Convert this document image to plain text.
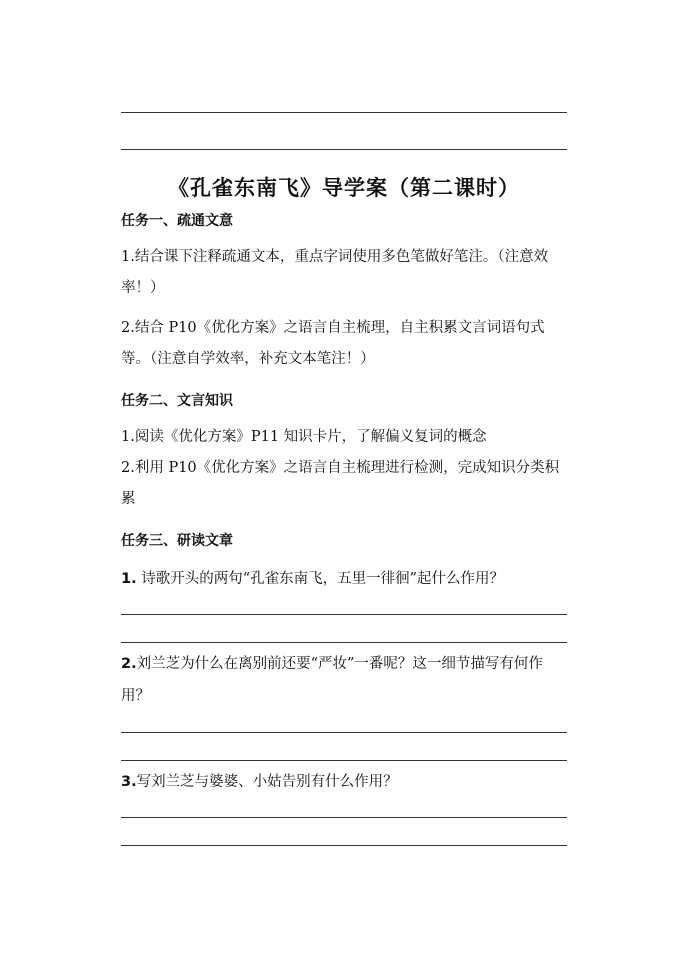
《孔雀东南飞》导学案（第二课时）

任务一、疏通文意

1.结合课下注释疏通文本，重点字词使用多色笔做好笔注。（注意效率！）

2.结合 P10《优化方案》之语言自主梳理，自主积累文言词语句式等。（注意自学效率，补充文本笔注！）

任务二、文言知识

1.阅读《优化方案》P11 知识卡片，了解偏义复词的概念

2.利用 P10《优化方案》之语言自主梳理进行检测，完成知识分类积累

任务三、研读文章

1. 诗歌开头的两句“孔雀东南飞，五里一徘徊”起什么作用？

2.刘兰芝为什么在离别前还要“严妆”一番呢？这一细节描写有何作用？

3.写刘兰芝与婆婆、小姑告别有什么作用？
